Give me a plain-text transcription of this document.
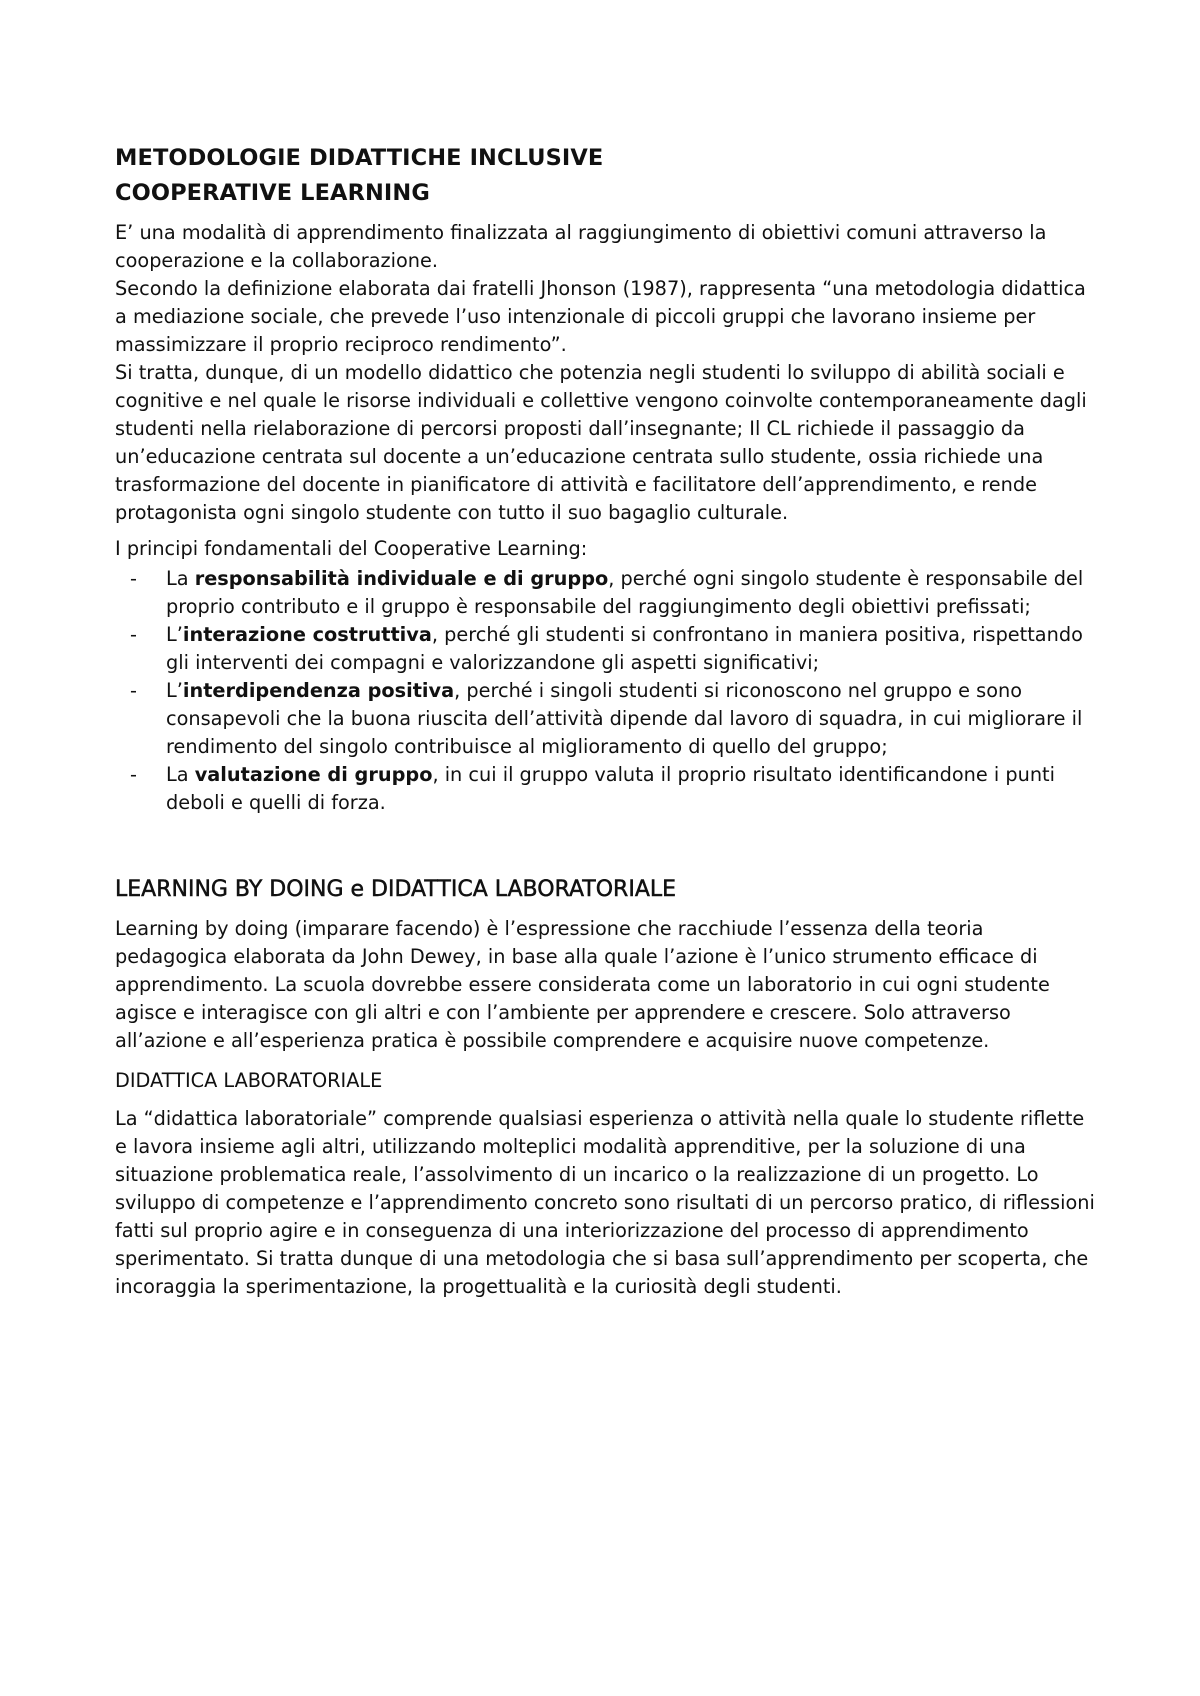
METODOLOGIE DIDATTICHE INCLUSIVE
COOPERATIVE LEARNING

E’ una modalità di apprendimento finalizzata al raggiungimento di obiettivi comuni attraverso la cooperazione e la collaborazione.
Secondo la definizione elaborata dai fratelli Jhonson (1987), rappresenta “una metodologia didattica a mediazione sociale, che prevede l’uso intenzionale di piccoli gruppi che lavorano insieme per massimizzare il proprio reciproco rendimento”.
Si tratta, dunque, di un modello didattico che potenzia negli studenti lo sviluppo di abilità sociali e cognitive e nel quale le risorse individuali e collettive vengono coinvolte contemporaneamente dagli studenti nella rielaborazione di percorsi proposti dall’insegnante; Il CL richiede il passaggio da un’educazione centrata sul docente a un’educazione centrata sullo studente, ossia richiede una trasformazione del docente in pianificatore di attività e facilitatore dell’apprendimento, e rende protagonista ogni singolo studente con tutto il suo bagaglio culturale.

I principi fondamentali del Cooperative Learning:

- La responsabilità individuale e di gruppo, perché ogni singolo studente è responsabile del proprio contributo e il gruppo è responsabile del raggiungimento degli obiettivi prefissati;
- L’interazione costruttiva, perché gli studenti si confrontano in maniera positiva, rispettando gli interventi dei compagni e valorizzandone gli aspetti significativi;
- L’interdipendenza positiva, perché i singoli studenti si riconoscono nel gruppo e sono consapevoli che la buona riuscita dell’attività dipende dal lavoro di squadra, in cui migliorare il rendimento del singolo contribuisce al miglioramento di quello del gruppo;
- La valutazione di gruppo, in cui il gruppo valuta il proprio risultato identificandone i punti deboli e quelli di forza.
LEARNING BY DOING e DIDATTICA LABORATORIALE

Learning by doing (imparare facendo) è l’espressione che racchiude l’essenza della teoria pedagogica elaborata da John Dewey, in base alla quale l’azione è l’unico strumento efficace di apprendimento. La scuola dovrebbe essere considerata come un laboratorio in cui ogni studente agisce e interagisce con gli altri e con l’ambiente per apprendere e crescere. Solo attraverso all’azione e all’esperienza pratica è possibile comprendere e acquisire nuove competenze.

DIDATTICA LABORATORIALE

La “didattica laboratoriale” comprende qualsiasi esperienza o attività nella quale lo studente riflette e lavora insieme agli altri, utilizzando molteplici modalità apprenditive, per la soluzione di una situazione problematica reale, l’assolvimento di un incarico o la realizzazione di un progetto. Lo sviluppo di competenze e l’apprendimento concreto sono risultati di un percorso pratico, di riflessioni fatti sul proprio agire e in conseguenza di una interiorizzazione del processo di apprendimento sperimentato. Si tratta dunque di una metodologia che si basa sull’apprendimento per scoperta, che incoraggia la sperimentazione, la progettualità e la curiosità degli studenti.
